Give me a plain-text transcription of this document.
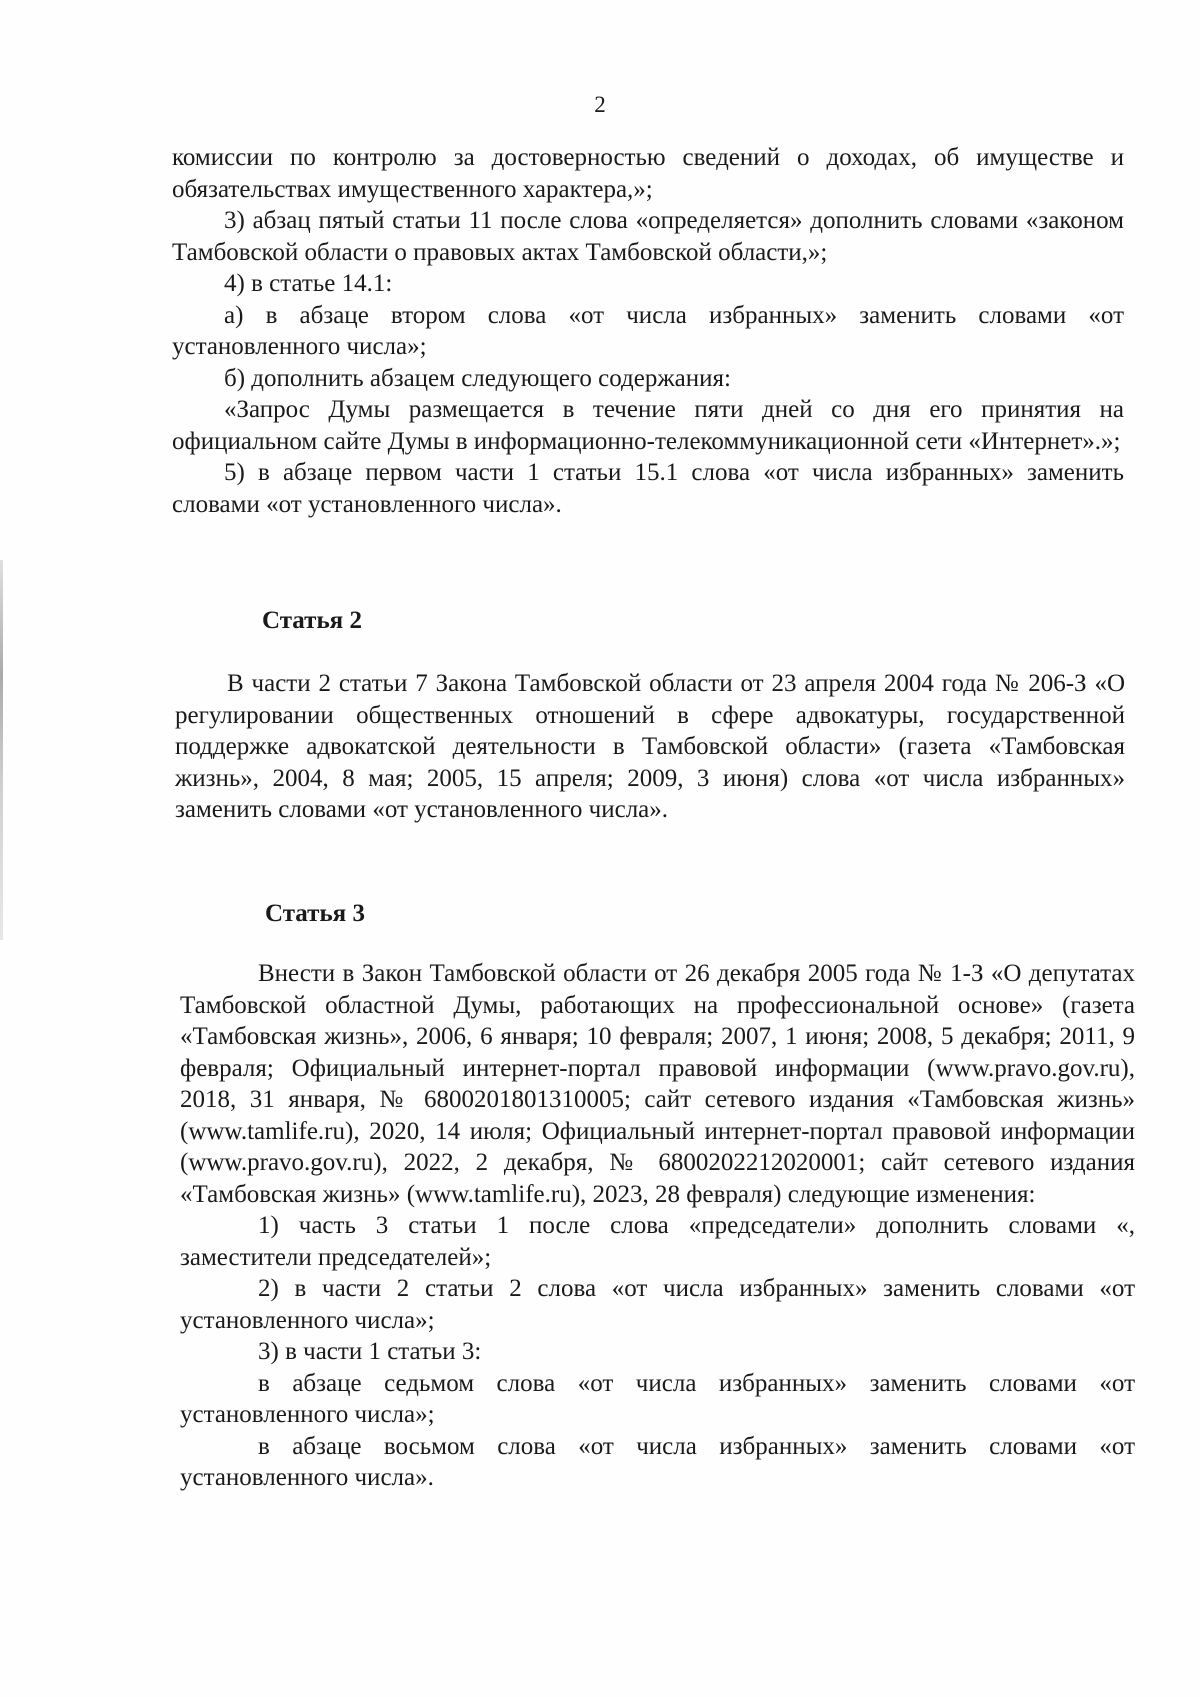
2

комиссии по контролю за достоверностью сведений о доходах, об имуществе и обязательствах имущественного характера,»;

3) абзац пятый статьи 11 после слова «определяется» дополнить словами «законом Тамбовской области о правовых актах Тамбовской области,»;

4) в статье 14.1:

а) в абзаце втором слова «от числа избранных» заменить словами «от установленного числа»;

б) дополнить абзацем следующего содержания:

«Запрос Думы размещается в течение пяти дней со дня его принятия на официальном сайте Думы в информационно-телекоммуникационной сети «Интернет».»;

5) в абзаце первом части 1 статьи 15.1 слова «от числа избранных» заменить словами «от установленного числа».

Статья 2

В части 2 статьи 7 Закона Тамбовской области от 23 апреля 2004 года № 206-З «О регулировании общественных отношений в сфере адвокатуры, государственной поддержке адвокатской деятельности в Тамбовской области» (газета «Тамбовская жизнь», 2004, 8 мая; 2005, 15 апреля; 2009, 3 июня) слова «от числа избранных» заменить словами «от установленного числа».

Статья 3

Внести в Закон Тамбовской области от 26 декабря 2005 года № 1-З «О депутатах Тамбовской областной Думы, работающих на профессиональной основе» (газета «Тамбовская жизнь», 2006, 6 января; 10 февраля; 2007, 1 июня; 2008, 5 декабря; 2011, 9 февраля; Официальный интернет-портал правовой информации (www.pravo.gov.ru), 2018, 31 января, № 6800201801310005; сайт сетевого издания «Тамбовская жизнь» (www.tamlife.ru), 2020, 14 июля; Официальный интернет-портал правовой информации (www.pravo.gov.ru), 2022, 2 декабря, № 6800202212020001; сайт сетевого издания «Тамбовская жизнь» (www.tamlife.ru), 2023, 28 февраля) следующие изменения:

1) часть 3 статьи 1 после слова «председатели» дополнить словами «, заместители председателей»;

2) в части 2 статьи 2 слова «от числа избранных» заменить словами «от установленного числа»;

3) в части 1 статьи 3:

в абзаце седьмом слова «от числа избранных» заменить словами «от установленного числа»;

в абзаце восьмом слова «от числа избранных» заменить словами «от установленного числа».
